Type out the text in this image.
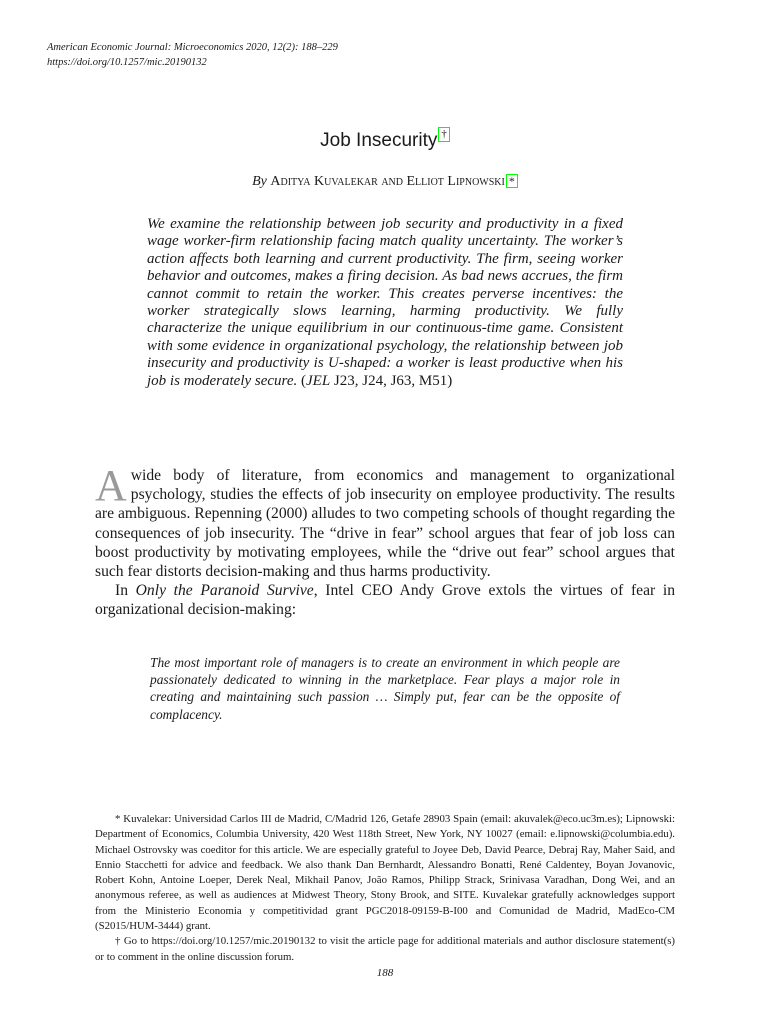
American Economic Journal: Microeconomics 2020, 12(2): 188–229
https://doi.org/10.1257/mic.20190132
Job Insecurity †
By Aditya Kuvalekar and Elliot Lipnowski *
We examine the relationship between job security and productivity in a fixed wage worker-firm relationship facing match quality uncertainty. The worker’s action affects both learning and current productivity. The firm, seeing worker behavior and outcomes, makes a firing decision. As bad news accrues, the firm cannot commit to retain the worker. This creates perverse incentives: the worker strategically slows learning, harming productivity. We fully characterize the unique equilibrium in our continuous-time game. Consistent with some evidence in organizational psychology, the relationship between job insecurity and productivity is U-shaped: a worker is least productive when his job is moderately secure. (JEL J23, J24, J63, M51)

Awide body of literature, from economics and management to organizational psychology, studies the effects of job insecurity on employee productivity. The results are ambiguous. Repenning (2000) alludes to two competing schools of thought regarding the consequences of job insecurity. The “drive in fear” school argues that fear of job loss can boost productivity by motivating employees, while the “drive out fear” school argues that such fear distorts decision-making and thus harms productivity.

In Only the Paranoid Survive, Intel CEO Andy Grove extols the virtues of fear in organizational decision-making:

The most important role of managers is to create an environment in which people are passionately dedicated to winning in the marketplace. Fear plays a major role in creating and maintaining such passion … Simply put, fear can be the opposite of complacency.

* Kuvalekar: Universidad Carlos III de Madrid, C/Madrid 126, Getafe 28903 Spain (email: akuvalek@eco.uc3m.es); Lipnowski: Department of Economics, Columbia University, 420 West 118th Street, New York, NY 10027 (email: e.lipnowski@columbia.edu). Michael Ostrovsky was coeditor for this article. We are especially grateful to Joyee Deb, David Pearce, Debraj Ray, Maher Said, and Ennio Stacchetti for advice and feedback. We also thank Dan Bernhardt, Alessandro Bonatti, René Caldentey, Boyan Jovanovic, Robert Kohn, Antoine Loeper, Derek Neal, Mikhail Panov, João Ramos, Philipp Strack, Srinivasa Varadhan, Dong Wei, and an anonymous referee, as well as audiences at Midwest Theory, Stony Brook, and SITE. Kuvalekar gratefully acknowledges support from the Ministerio Economia y competitividad grant PGC2018-09159-B-I00 and Comunidad de Madrid, MadEco-CM (S2015/HUM-3444) grant.

† Go to https://doi.org/10.1257/mic.20190132 to visit the article page for additional materials and author disclosure statement(s) or to comment in the online discussion forum.

188
